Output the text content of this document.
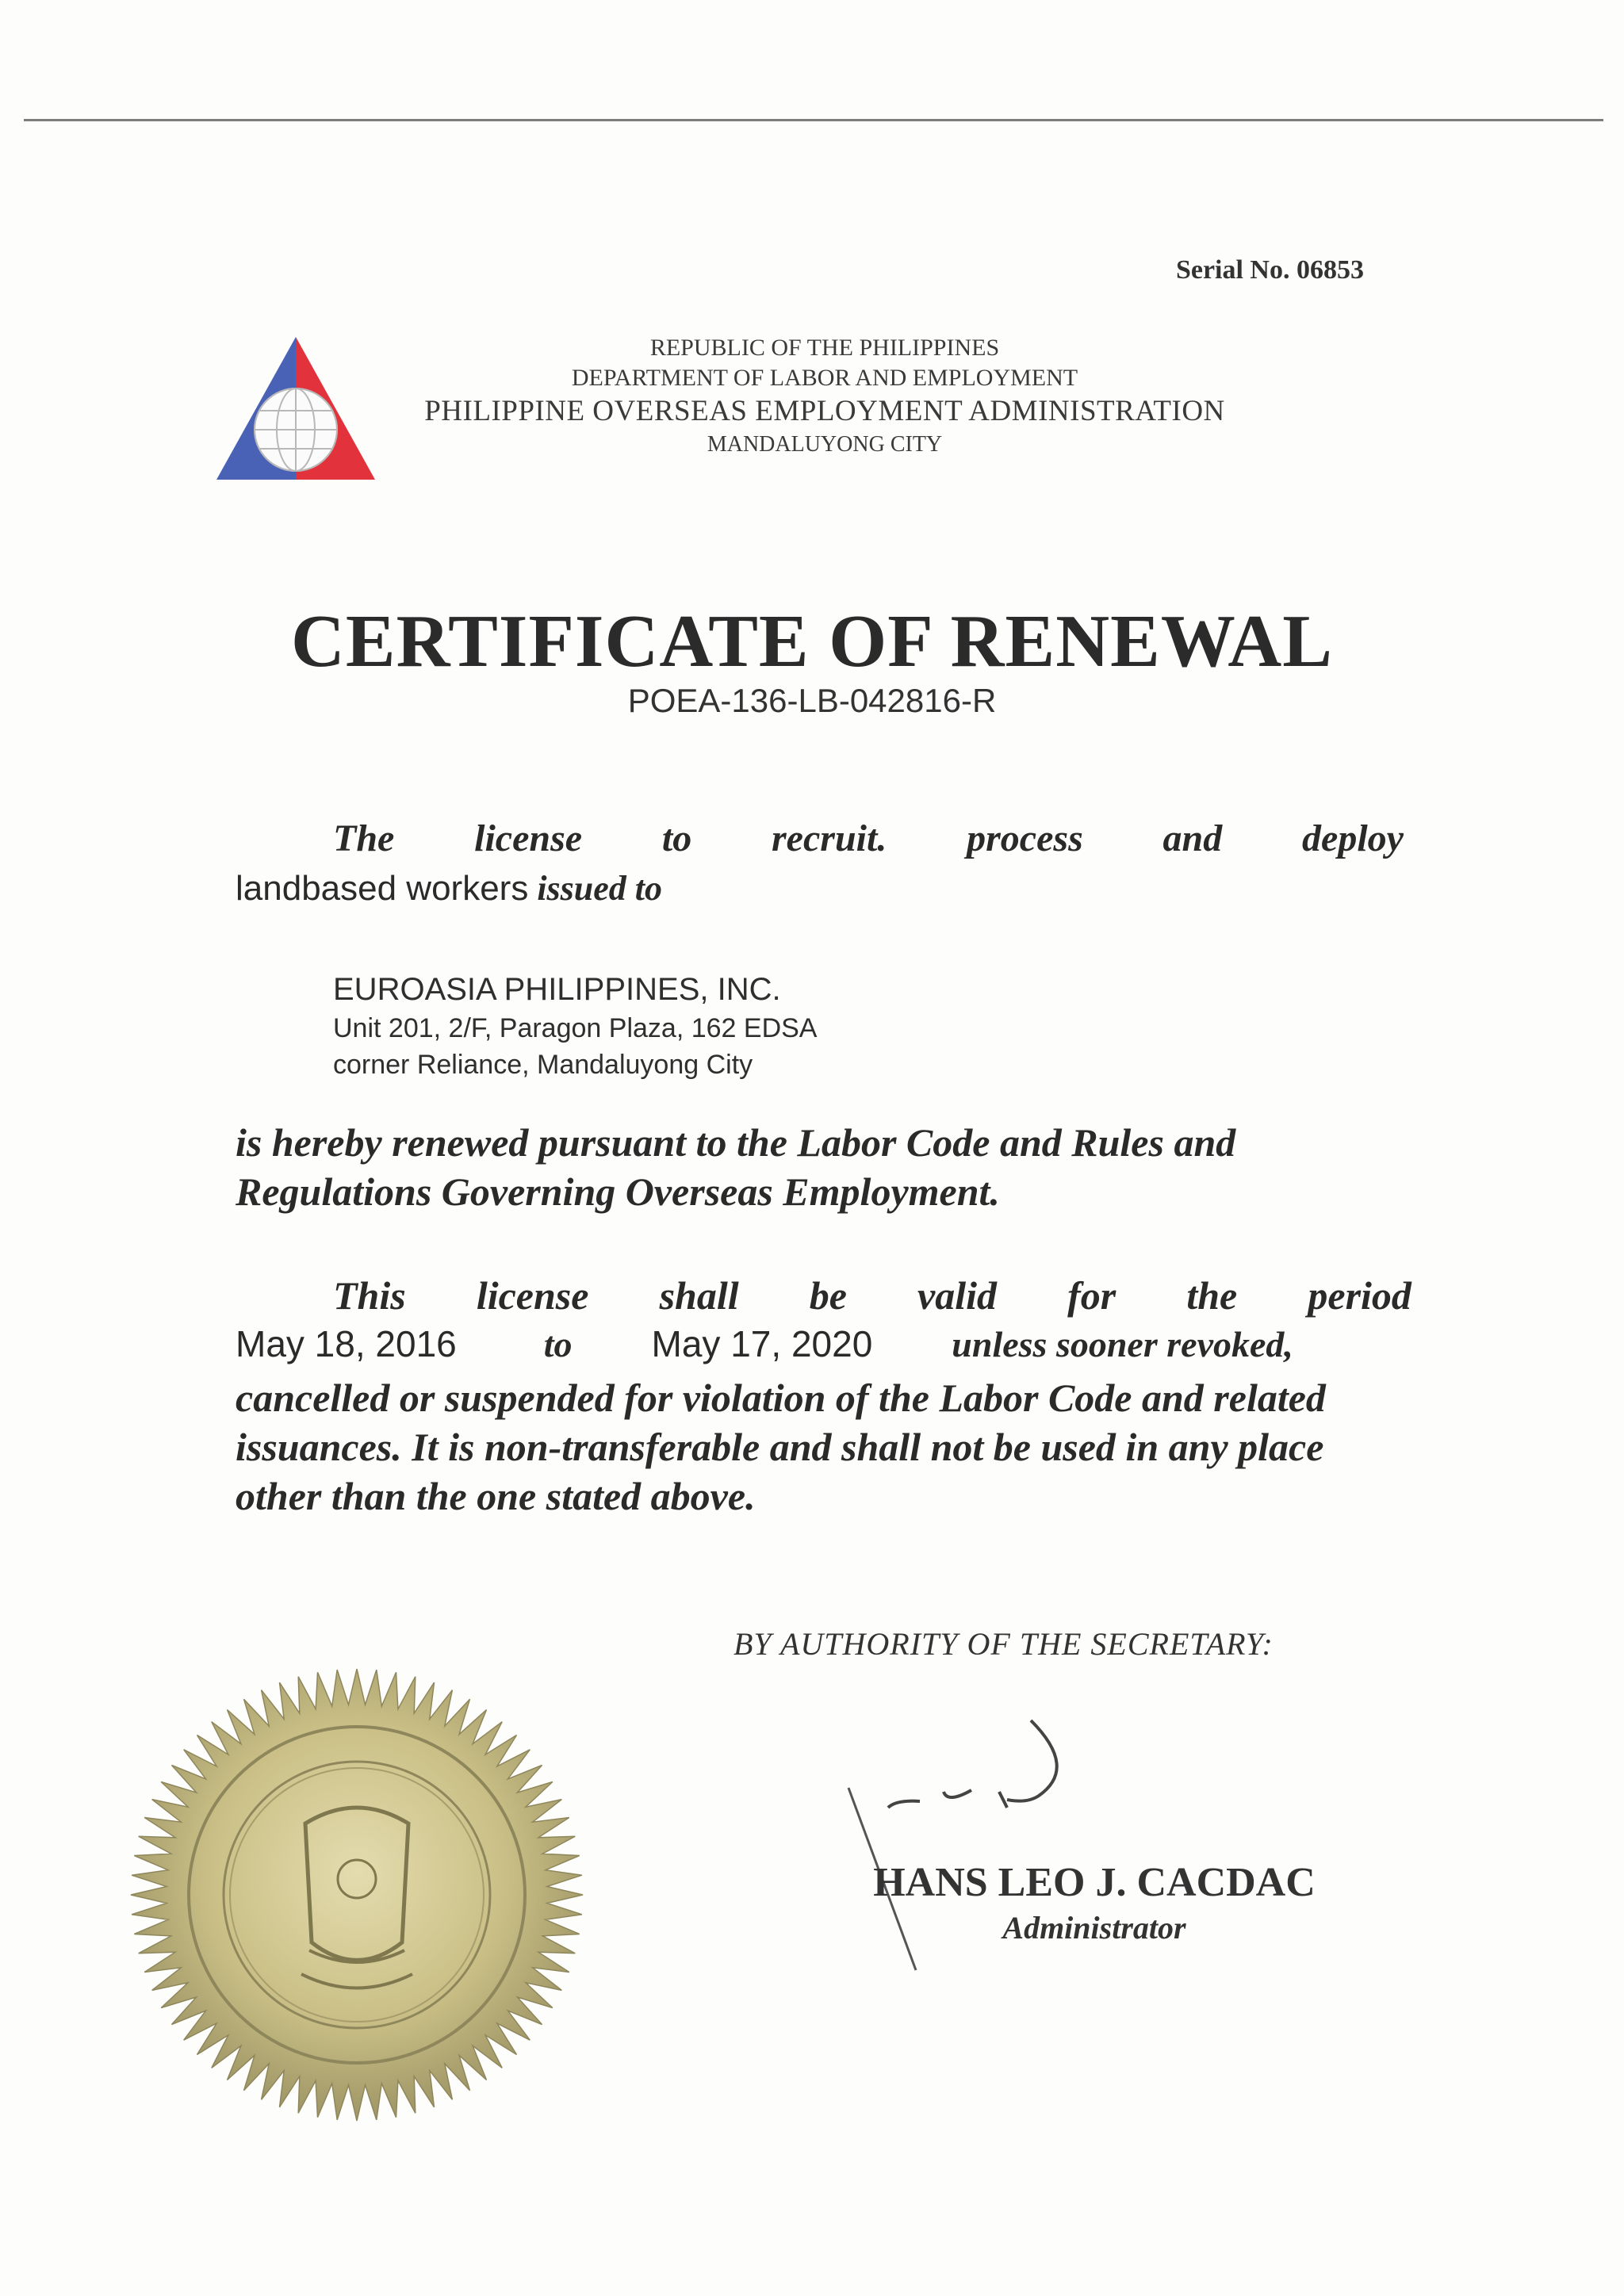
Serial No. 06853
REPUBLIC OF THE PHILIPPINES
DEPARTMENT OF LABOR AND EMPLOYMENT
PHILIPPINE OVERSEAS EMPLOYMENT ADMINISTRATION
MANDALUYONG CITY
CERTIFICATE OF RENEWAL
POEA-136-LB-042816-R
The license to recruit. process and deploy
landbased workers issued to
EUROASIA PHILIPPINES, INC.
Unit 201, 2/F, Paragon Plaza, 162 EDSA
corner Reliance, Mandaluyong City
is hereby renewed pursuant to the Labor Code and Rules and Regulations Governing Overseas Employment.
This license shall be valid for the period
May 18, 2016 to May 17, 2020 unless sooner revoked,
cancelled or suspended for violation of the Labor Code and related issuances. It is non-transferable and shall not be used in any place other than the one stated above.
BY AUTHORITY OF THE SECRETARY:
HANS LEO J. CACDAC
Administrator
